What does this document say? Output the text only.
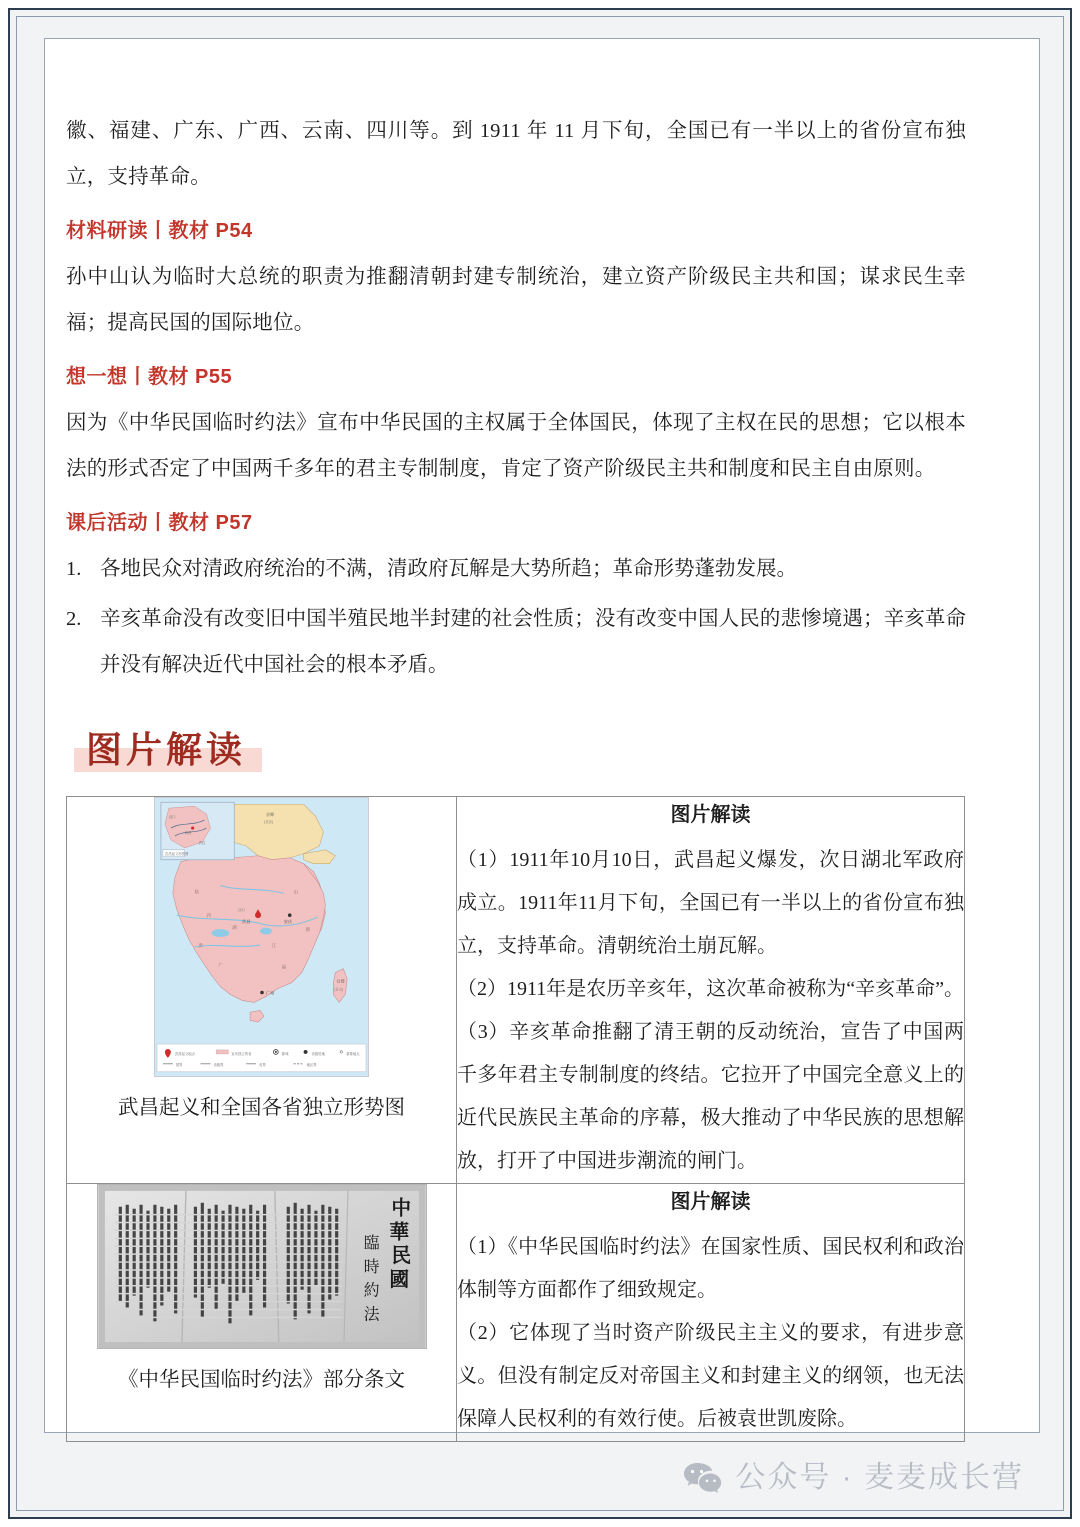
徽、福建、广东、广西、云南、四川等。到 1911 年 11 月下旬，全国已有一半以上的省份宣布独立，支持革命。

材料研读丨教材 P54

孙中山认为临时大总统的职责为推翻清朝封建专制统治，建立资产阶级民主共和国；谋求民生幸福；提高民国的国际地位。

想一想丨教材 P55

因为《中华民国临时约法》宣布中华民国的主权属于全体国民，体现了主权在民的思想；它以根本法的形式否定了中国两千多年的君主专制制度，肯定了资产阶级民主共和制度和民主自由原则。

课后活动丨教材 P57
1. 各地民众对清政府统治的不满，清政府瓦解是大势所趋；革命形势蓬勃发展。
2. 辛亥革命没有改变旧中国半殖民地半封建的社会性质；没有改变中国人民的悲惨境遇；辛亥革命并没有解决近代中国社会的根本矛盾。
图片解读
京师
(北京)
武昌
汉口
安庆
广州
台湾
(日占)
陕
四
贵
广
湖
江
山
浙
福
武昌
汉口
武汉
武昌起义形势图
武昌起义地点	宣布独立的省	都城	省级驻地	重要地点
国界	省级界	省界	地区界
武昌起义和全国各省独立形势图

图片解读

（1）1911年10月10日，武昌起义爆发，次日湖北军政府成立。1911年11月下旬，全国已有一半以上的省份宣布独立，支持革命。清朝统治土崩瓦解。

（2）1911年是农历辛亥年，这次革命被称为“辛亥革命”。

（3）辛亥革命推翻了清王朝的反动统治，宣告了中国两千多年君主专制制度的终结。它拉开了中国完全意义上的近代民族民主革命的序幕，极大推动了中华民族的思想解放，打开了中国进步潮流的闸门。

中
華
民
國
臨
時
約
法
《中华民国临时约法》部分条文

图片解读

（1）《中华民国临时约法》在国家性质、国民权利和政治体制等方面都作了细致规定。

（2）它体现了当时资产阶级民主主义的要求，有进步意义。但没有制定反对帝国主义和封建主义的纲领，也无法保障人民权利的有效行使。后被袁世凯废除。

公众号 · 麦麦成长营
